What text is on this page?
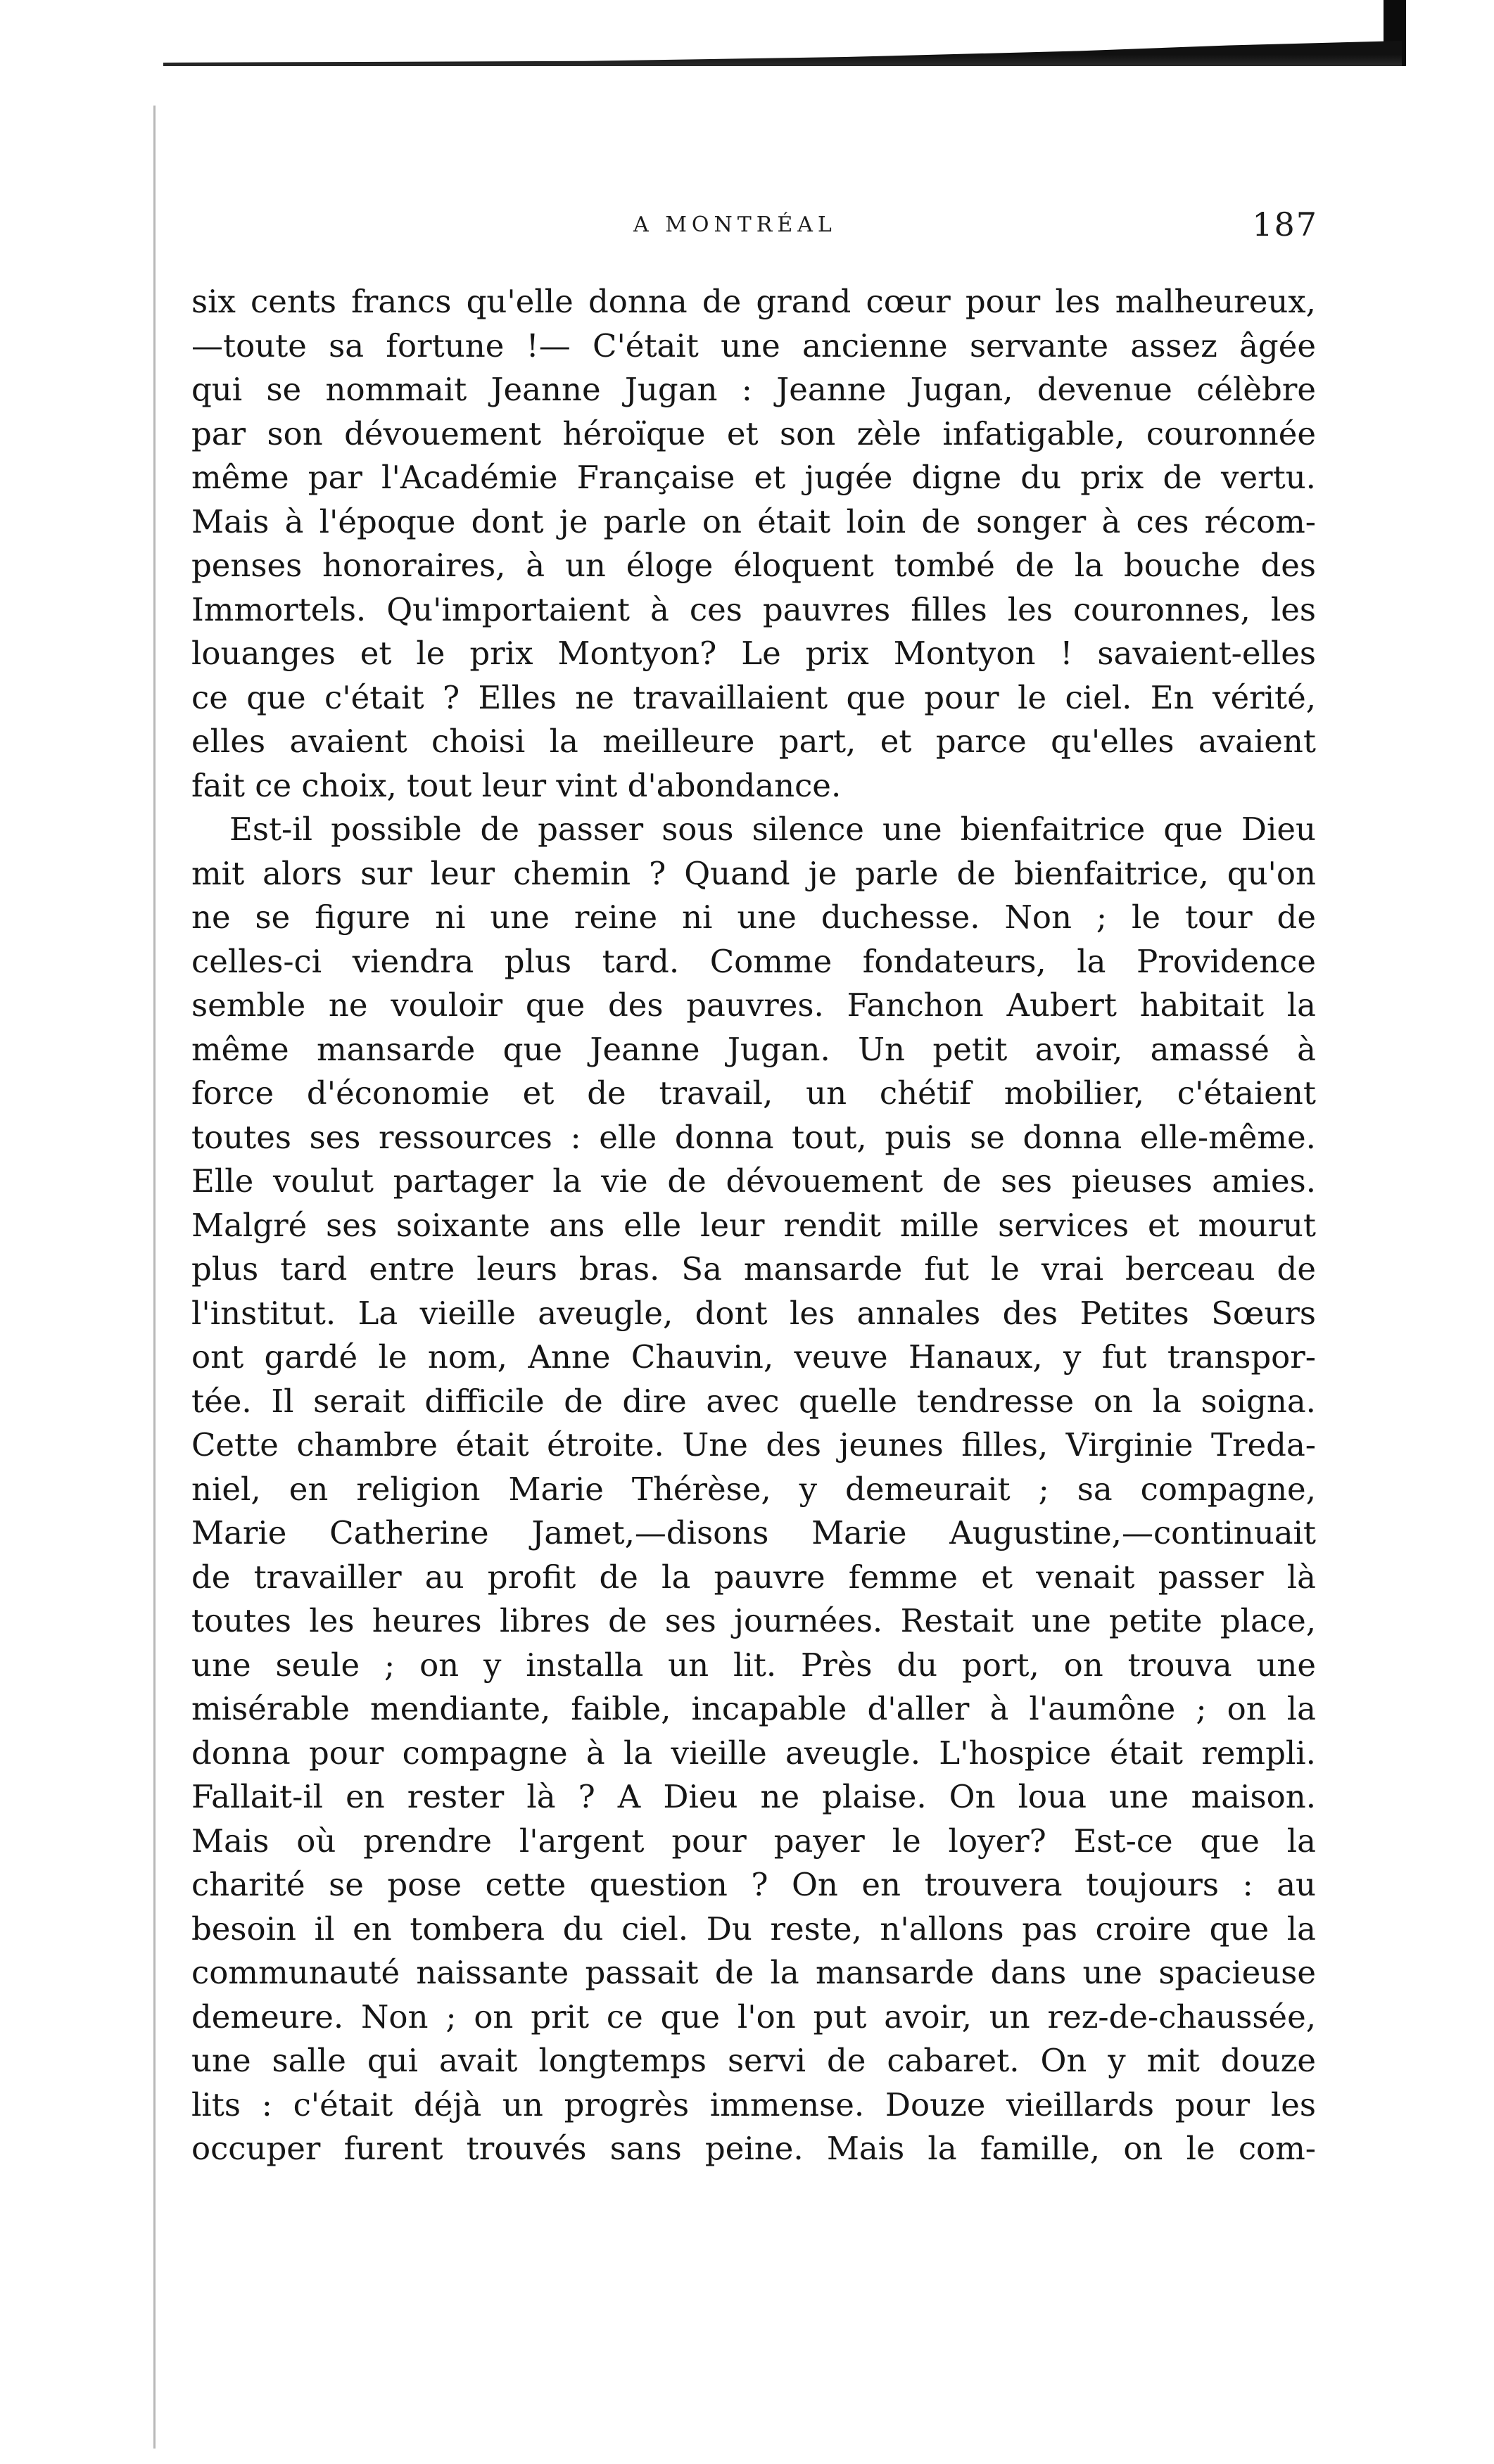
A MONTRÉAL	187
six cents francs qu'elle donna de grand cœur pour les malheureux,
—toute sa fortune !— C'était une ancienne servante assez âgée
qui se nommait Jeanne Jugan : Jeanne Jugan, devenue célèbre
par son dévouement héroïque et son zèle infatigable, couronnée
même par l'Académie Française et jugée digne du prix de vertu.
Mais à l'époque dont je parle on était loin de songer à ces récom-
penses honoraires, à un éloge éloquent tombé de la bouche des
Immortels. Qu'importaient à ces pauvres filles les couronnes, les
louanges et le prix Montyon? Le prix Montyon ! savaient-elles
ce que c'était ? Elles ne travaillaient que pour le ciel. En vérité,
elles avaient choisi la meilleure part, et parce qu'elles avaient
fait ce choix, tout leur vint d'abondance.
Est-il possible de passer sous silence une bienfaitrice que Dieu
mit alors sur leur chemin ? Quand je parle de bienfaitrice, qu'on
ne se figure ni une reine ni une duchesse. Non ; le tour de
celles-ci viendra plus tard. Comme fondateurs, la Providence
semble ne vouloir que des pauvres. Fanchon Aubert habitait la
même mansarde que Jeanne Jugan. Un petit avoir, amassé à
force d'économie et de travail, un chétif mobilier, c'étaient
toutes ses ressources : elle donna tout, puis se donna elle-même.
Elle voulut partager la vie de dévouement de ses pieuses amies.
Malgré ses soixante ans elle leur rendit mille services et mourut
plus tard entre leurs bras. Sa mansarde fut le vrai berceau de
l'institut. La vieille aveugle, dont les annales des Petites Sœurs
ont gardé le nom, Anne Chauvin, veuve Hanaux, y fut transpor-
tée. Il serait difficile de dire avec quelle tendresse on la soigna.
Cette chambre était étroite. Une des jeunes filles, Virginie Treda-
niel, en religion Marie Thérèse, y demeurait ; sa compagne,
Marie Catherine Jamet,—disons Marie Augustine,—continuait
de travailler au profit de la pauvre femme et venait passer là
toutes les heures libres de ses journées. Restait une petite place,
une seule ; on y installa un lit. Près du port, on trouva une
misérable mendiante, faible, incapable d'aller à l'aumône ; on la
donna pour compagne à la vieille aveugle. L'hospice était rempli.
Fallait-il en rester là ? A Dieu ne plaise. On loua une maison.
Mais où prendre l'argent pour payer le loyer? Est-ce que la
charité se pose cette question ? On en trouvera toujours : au
besoin il en tombera du ciel. Du reste, n'allons pas croire que la
communauté naissante passait de la mansarde dans une spacieuse
demeure. Non ; on prit ce que l'on put avoir, un rez-de-chaussée,
une salle qui avait longtemps servi de cabaret. On y mit douze
lits : c'était déjà un progrès immense. Douze vieillards pour les
occuper furent trouvés sans peine. Mais la famille, on le com-
